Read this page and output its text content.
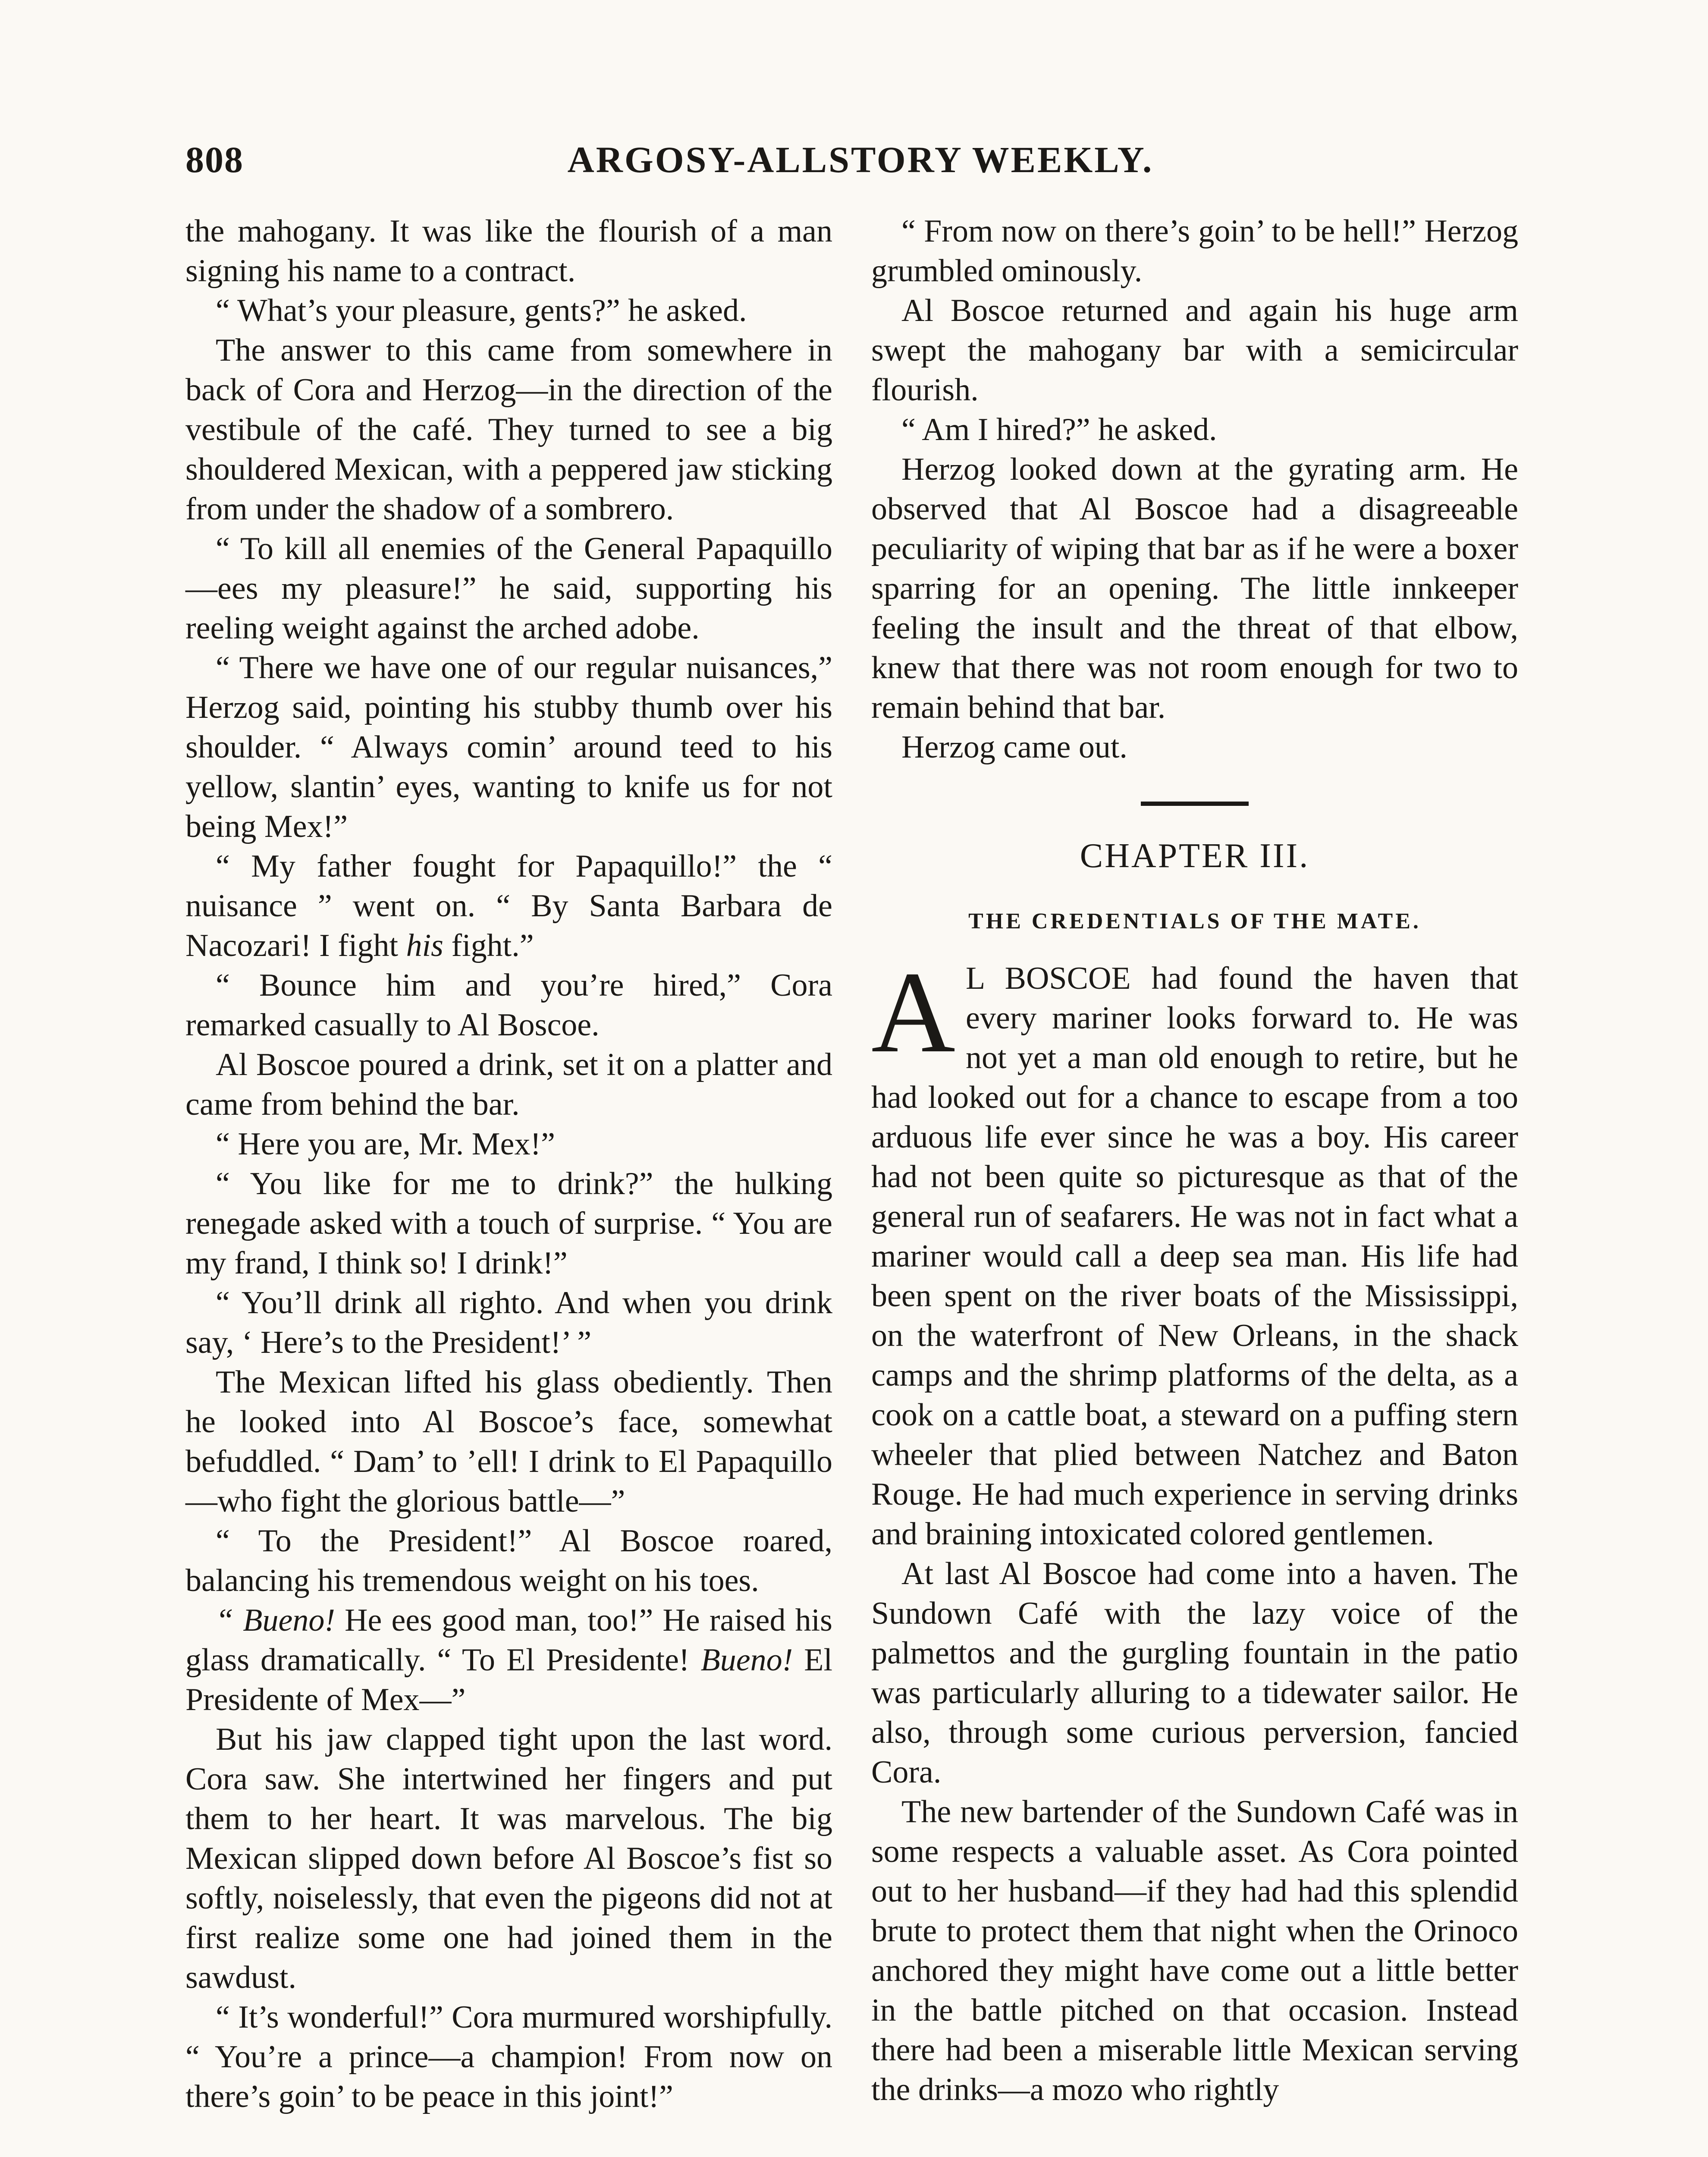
808	ARGOSY-ALLSTORY WEEKLY.

the mahogany. It was like the flourish of a man signing his name to a contract.

“ What’s your pleasure, gents?” he asked.

The answer to this came from somewhere in back of Cora and Herzog—in the direction of the vestibule of the café. They turned to see a big shouldered Mexican, with a peppered jaw sticking from under the shadow of a sombrero.

“ To kill all enemies of the General Papaquillo—ees my pleasure!” he said, supporting his reeling weight against the arched adobe.

“ There we have one of our regular nuisances,” Herzog said, pointing his stubby thumb over his shoulder. “ Always comin’ around teed to his yellow, slantin’ eyes, wanting to knife us for not being Mex!”

“ My father fought for Papaquillo!” the “ nuisance ” went on. “ By Santa Barbara de Nacozari! I fight his fight.”

“ Bounce him and you’re hired,” Cora remarked casually to Al Boscoe.

Al Boscoe poured a drink, set it on a platter and came from behind the bar.

“ Here you are, Mr. Mex!”

“ You like for me to drink?” the hulking renegade asked with a touch of surprise. “ You are my frand, I think so! I drink!”

“ You’ll drink all righto. And when you drink say, ‘ Here’s to the President!’ ”

The Mexican lifted his glass obediently. Then he looked into Al Boscoe’s face, somewhat befuddled. “ Dam’ to ’ell! I drink to El Papaquillo—who fight the glorious battle—”

“ To the President!” Al Boscoe roared, balancing his tremendous weight on his toes.

“ Bueno! He ees good man, too!” He raised his glass dramatically. “ To El Presidente! Bueno! El Presidente of Mex—”

But his jaw clapped tight upon the last word. Cora saw. She intertwined her fingers and put them to her heart. It was marvelous. The big Mexican slipped down before Al Boscoe’s fist so softly, noiselessly, that even the pigeons did not at first realize some one had joined them in the sawdust.

“ It’s wonderful!” Cora murmured worshipfully. “ You’re a prince—a champion! From now on there’s goin’ to be peace in this joint!”

“ From now on there’s goin’ to be hell!” Herzog grumbled ominously.

Al Boscoe returned and again his huge arm swept the mahogany bar with a semicircular flourish.

“ Am I hired?” he asked.

Herzog looked down at the gyrating arm. He observed that Al Boscoe had a disagreeable peculiarity of wiping that bar as if he were a boxer sparring for an opening. The little innkeeper feeling the insult and the threat of that elbow, knew that there was not room enough for two to remain behind that bar.

Herzog came out.

CHAPTER III.
THE CREDENTIALS OF THE MATE.

A L BOSCOE had found the haven that every mariner looks forward to. He was not yet a man old enough to retire, but he had looked out for a chance to escape from a too arduous life ever since he was a boy. His career had not been quite so picturesque as that of the general run of seafarers. He was not in fact what a mariner would call a deep sea man. His life had been spent on the river boats of the Mississippi, on the waterfront of New Orleans, in the shack camps and the shrimp platforms of the delta, as a cook on a cattle boat, a steward on a puffing stern wheeler that plied between Natchez and Baton Rouge. He had much experience in serving drinks and braining intoxicated colored gentlemen.

At last Al Boscoe had come into a haven. The Sundown Café with the lazy voice of the palmettos and the gurgling fountain in the patio was particularly alluring to a tidewater sailor. He also, through some curious perversion, fancied Cora.

The new bartender of the Sundown Café was in some respects a valuable asset. As Cora pointed out to her husband—if they had had this splendid brute to protect them that night when the Orinoco anchored they might have come out a little better in the battle pitched on that occasion. Instead there had been a miserable little Mexican serving the drinks—a mozo who rightly
